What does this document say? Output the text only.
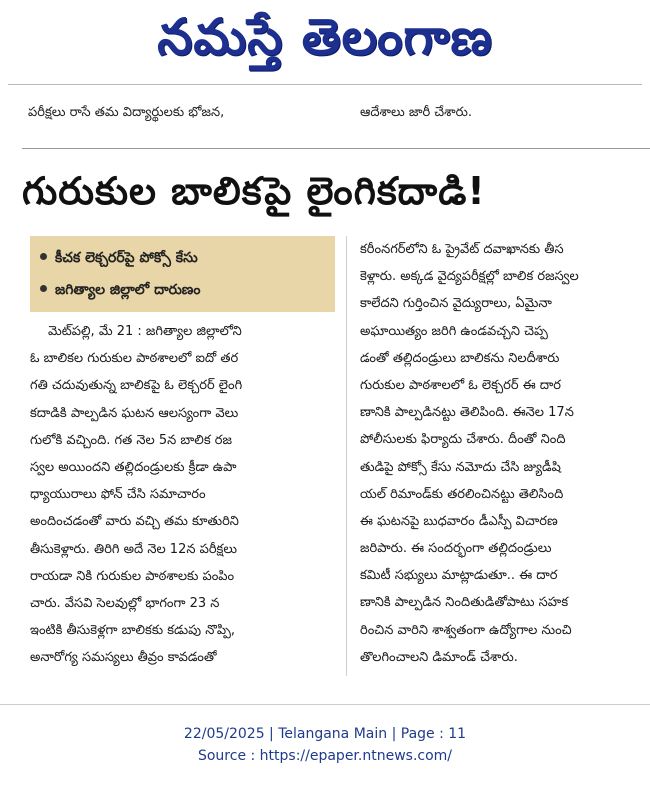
నమస్తే తెలంగాణ
పరీక్షలు రాసే తమ విద్యార్థులకు భోజన,	ఆదేశాలు జారీ చేశారు.
గురుకుల బాలికపై లైంగికదాడి!
కీచక లెక్చరర్‌పై పోక్సో కేసు
జగిత్యాల జిల్లాలో దారుణం
మెట్‌పల్లి, మే 21 : జగిత్యాల జిల్లాలోని
ఓ బాలికల గురుకుల పాఠశాలలో ఐదో తర
గతి చదువుతున్న బాలికపై ఓ లెక్చరర్ లైంగి
కదాడికి పాల్పడిన ఘటన ఆలస్యంగా వెలు
గులోకి వచ్చింది. గత నెల 5న బాలిక రజ
స్వల అయిందని తల్లిదండ్రులకు క్రీడా ఉపా
ధ్యాయురాలు ఫోన్ చేసి సమాచారం
అందించడంతో వారు వచ్చి తమ కూతురిని
తీసుకెళ్లారు. తిరిగి అదే నెల 12న పరీక్షలు
రాయడా నికి గురుకుల పాఠశాలకు పంపిం
చారు. వేసవి సెలవుల్లో భాగంగా 23 న
ఇంటికి తీసుకెళ్లగా బాలికకు కడుపు నొప్పి,
అనారోగ్య సమస్యలు తీవ్రం కావడంతో
కరీంనగర్‌లోని ఓ ప్రైవేట్ దవాఖానకు తీస
కెళ్లారు. అక్కడ వైద్యపరీక్షల్లో బాలిక రజస్వల
కాలేదని గుర్తించిన వైద్యురాలు, ఏమైనా
అఘాయిత్యం జరిగి ఉండవచ్చని చెప్ప
డంతో తల్లిదండ్రులు బాలికను నిలదీశారు
గురుకుల పాఠశాలలో ఓ లెక్చరర్ ఈ దార
ణానికి పాల్పడినట్టు తెలిపింది. ఈనెల 17న
పోలీసులకు ఫిర్యాదు చేశారు. దీంతో నింది
తుడిపై పోక్సో కేసు నమోదు చేసి జ్యుడీషి
యల్ రిమాండ్‌కు తరలించినట్టు తెలిసింది
ఈ ఘటనపై బుధవారం డీఎస్పీ విచారణ
జరిపారు. ఈ సందర్భంగా తల్లిదండ్రులు
కమిటీ సభ్యులు మాట్లాడుతూ.. ఈ దార
ణానికి పాల్పడిన నిందితుడితోపాటు సహక
రించిన వారిని శాశ్వతంగా ఉద్యోగాల నుంచి
తొలగించాలని డిమాండ్ చేశారు.
22/05/2025 | Telangana Main | Page : 11
Source : https://epaper.ntnews.com/
